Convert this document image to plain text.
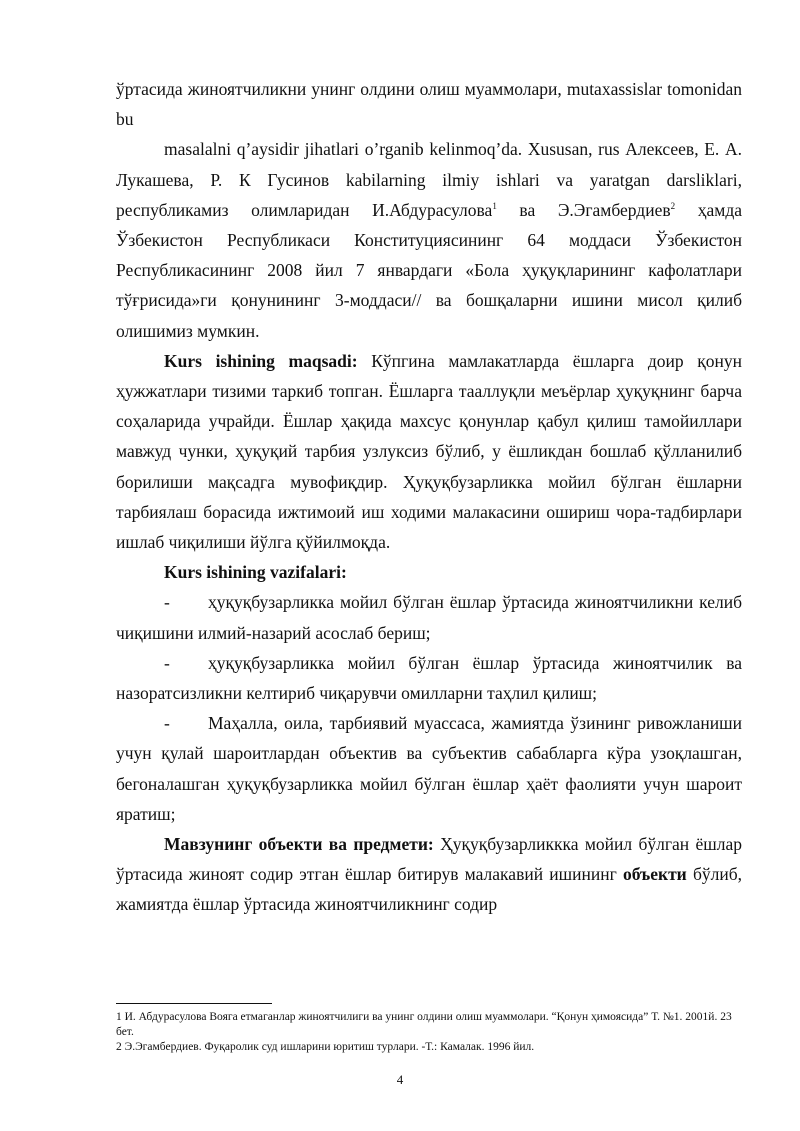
ўртасида жиноятчиликни унинг олдини олиш муаммолари, mutaxassislar tomonidan bu

masalalni q’aysidir jihatlari o’rganib kelinmoq’da. Xususan, rus Алексеев, Е. А. Лукашева, Р. К Гусинов kabilarning ilmiy ishlari va yaratgan darsliklari, республикамиз олимларидан И.Абдурасулова$^1$ ва Э.Эгамбердиев$^2$ ҳамда Ўзбекистон Республикаси Конституциясининг 64 моддаси Ўзбекистон Республикасининг 2008 йил 7 январдаги «Бола ҳуқуқларининг кафолатлари тўғрисида»ги қонунининг 3-моддаси// ва бошқаларни ишини мисол қилиб олишимиз мумкин.

Kurs ishining maqsadi: Кўпгина мамлакатларда ёшларга доир қонун ҳужжатлари тизими таркиб топган. Ёшларга тааллуқли меъёрлар ҳуқуқнинг барча соҳаларида учрайди. Ёшлар ҳақида махсус қонунлар қабул қилиш тамойиллари мавжуд чунки, ҳуқуқий тарбия узлуксиз бўлиб, у ёшликдан бошлаб қўлланилиб борилиши мақсадга мувофиқдир. Ҳуқуқбузарликка мойил бўлган ёшларни тарбиялаш борасида ижтимоий иш ходими малакасини ошириш чора-тадбирлари ишлаб чиқилиши йўлга қўйилмоқда.

Kurs ishining vazifalari:

- ҳуқуқбузарликка мойил бўлган ёшлар ўртасида жиноятчиликни келиб чиқишини илмий-назарий асослаб бериш;

- ҳуқуқбузарликка мойил бўлган ёшлар ўртасида жиноятчилик ва назоратсизликни келтириб чиқарувчи омилларни таҳлил қилиш;

- Маҳалла, оила, тарбиявий муассаса, жамиятда ўзининг ривожланиши учун қулай шароитлардан объектив ва субъектив сабабларга кўра узоқлашган, бегоналашган ҳуқуқбузарликка мойил бўлган ёшлар ҳаёт фаолияти учун шароит яратиш;

Мавзунинг объекти ва предмети: Ҳуқуқбузарликкка мойил бўлган ёшлар ўртасида жиноят содир этган ёшлар битирув малакавий ишининг объекти бўлиб, жамиятда ёшлар ўртасида жиноятчиликнинг содир

1 И. Абдурасулова Вояга етмаганлар жиноятчилиги ва унинг олдини олиш муаммолари. “Қонун ҳимоясида” Т. №1. 2001й. 23 бет.

2 Э.Эгамбердиев. Фуқаролик суд ишларини юритиш турлари. -Т.: Камалак. 1996 йил.

4
